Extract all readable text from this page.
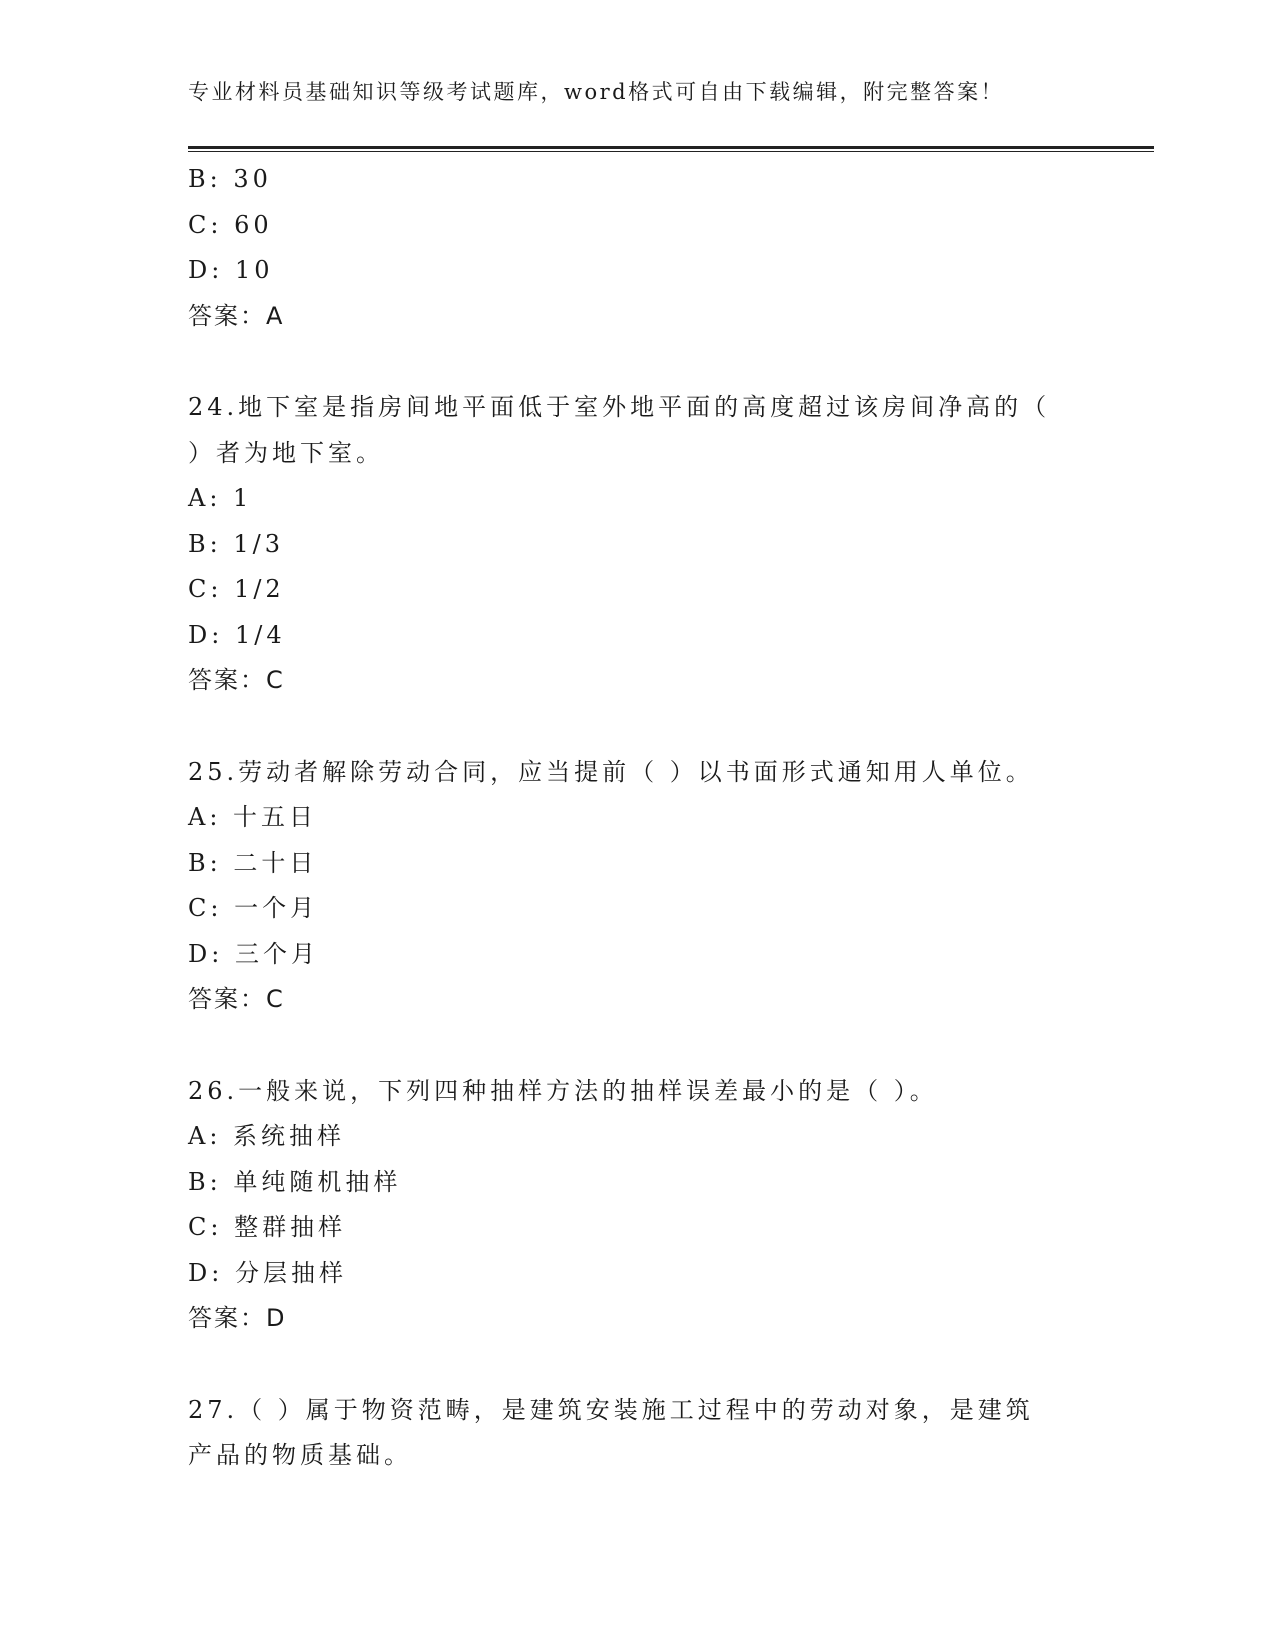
专业材料员基础知识等级考试题库，word格式可自由下载编辑，附完整答案！
B: 30
C: 60
D: 10
答案：A
24.地下室是指房间地平面低于室外地平面的高度超过该房间净高的（
）者为地下室。
A: 1
B: 1/3
C: 1/2
D: 1/4
答案：C
25.劳动者解除劳动合同，应当提前（ ）以书面形式通知用人单位。
A: 十五日
B: 二十日
C: 一个月
D: 三个月
答案：C
26.一般来说，下列四种抽样方法的抽样误差最小的是（ ）。
A: 系统抽样
B: 单纯随机抽样
C: 整群抽样
D: 分层抽样
答案：D
27.（ ）属于物资范畴，是建筑安装施工过程中的劳动对象，是建筑
产品的物质基础。
